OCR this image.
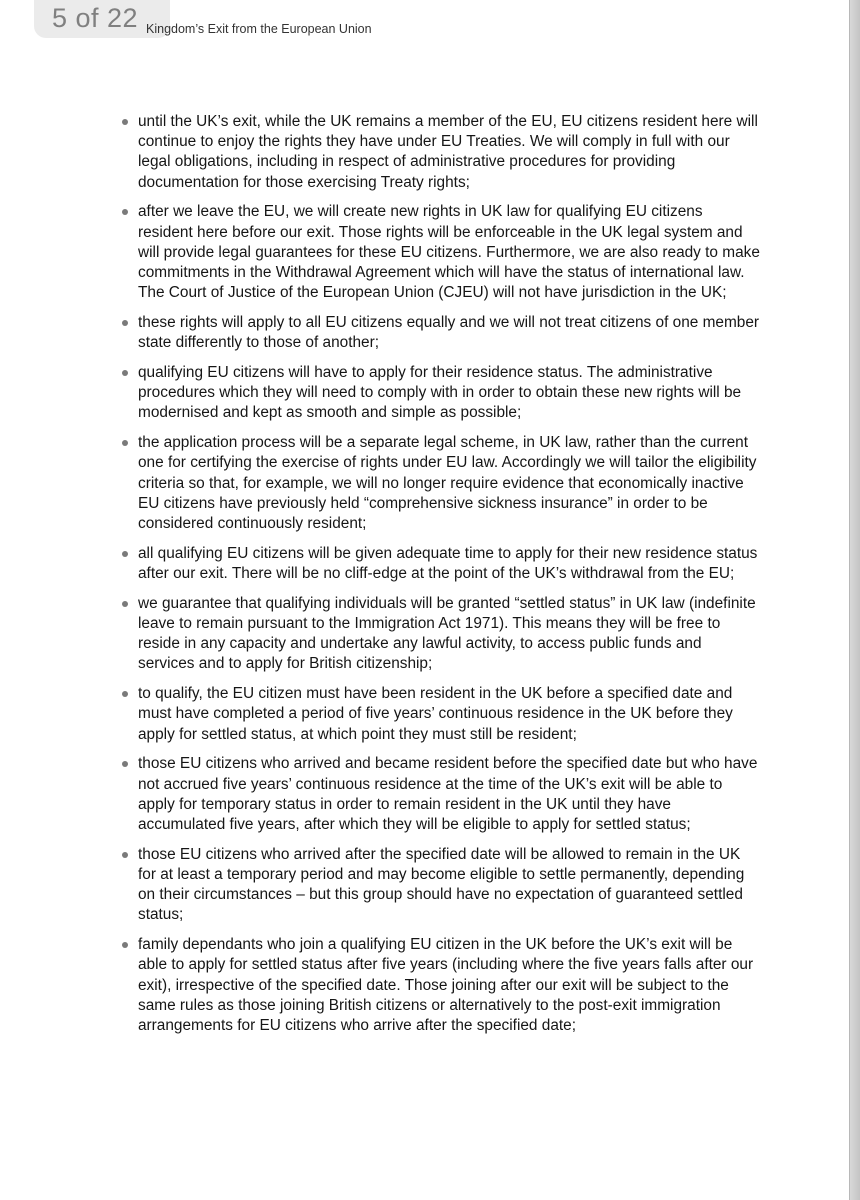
5 of 22 Kingdom’s Exit from the European Union
until the UK’s exit, while the UK remains a member of the EU, EU citizens resident here will continue to enjoy the rights they have under EU Treaties. We will comply in full with our legal obligations, including in respect of administrative procedures for providing documentation for those exercising Treaty rights;
after we leave the EU, we will create new rights in UK law for qualifying EU citizens resident here before our exit. Those rights will be enforceable in the UK legal system and will provide legal guarantees for these EU citizens. Furthermore, we are also ready to make commitments in the Withdrawal Agreement which will have the status of international law. The Court of Justice of the European Union (CJEU) will not have jurisdiction in the UK;
these rights will apply to all EU citizens equally and we will not treat citizens of one member state differently to those of another;
qualifying EU citizens will have to apply for their residence status. The administrative procedures which they will need to comply with in order to obtain these new rights will be modernised and kept as smooth and simple as possible;
the application process will be a separate legal scheme, in UK law, rather than the current one for certifying the exercise of rights under EU law. Accordingly we will tailor the eligibility criteria so that, for example, we will no longer require evidence that economically inactive EU citizens have previously held “comprehensive sickness insurance” in order to be considered continuously resident;
all qualifying EU citizens will be given adequate time to apply for their new residence status after our exit. There will be no cliff-edge at the point of the UK’s withdrawal from the EU;
we guarantee that qualifying individuals will be granted “settled status” in UK law (indefinite leave to remain pursuant to the Immigration Act 1971). This means they will be free to reside in any capacity and undertake any lawful activity, to access public funds and services and to apply for British citizenship;
to qualify, the EU citizen must have been resident in the UK before a specified date and must have completed a period of five years’ continuous residence in the UK before they apply for settled status, at which point they must still be resident;
those EU citizens who arrived and became resident before the specified date but who have not accrued five years’ continuous residence at the time of the UK’s exit will be able to apply for temporary status in order to remain resident in the UK until they have accumulated five years, after which they will be eligible to apply for settled status;
those EU citizens who arrived after the specified date will be allowed to remain in the UK for at least a temporary period and may become eligible to settle permanently, depending on their circumstances – but this group should have no expectation of guaranteed settled status;
family dependants who join a qualifying EU citizen in the UK before the UK’s exit will be able to apply for settled status after five years (including where the five years falls after our exit), irrespective of the specified date. Those joining after our exit will be subject to the same rules as those joining British citizens or alternatively to the post-exit immigration arrangements for EU citizens who arrive after the specified date;
